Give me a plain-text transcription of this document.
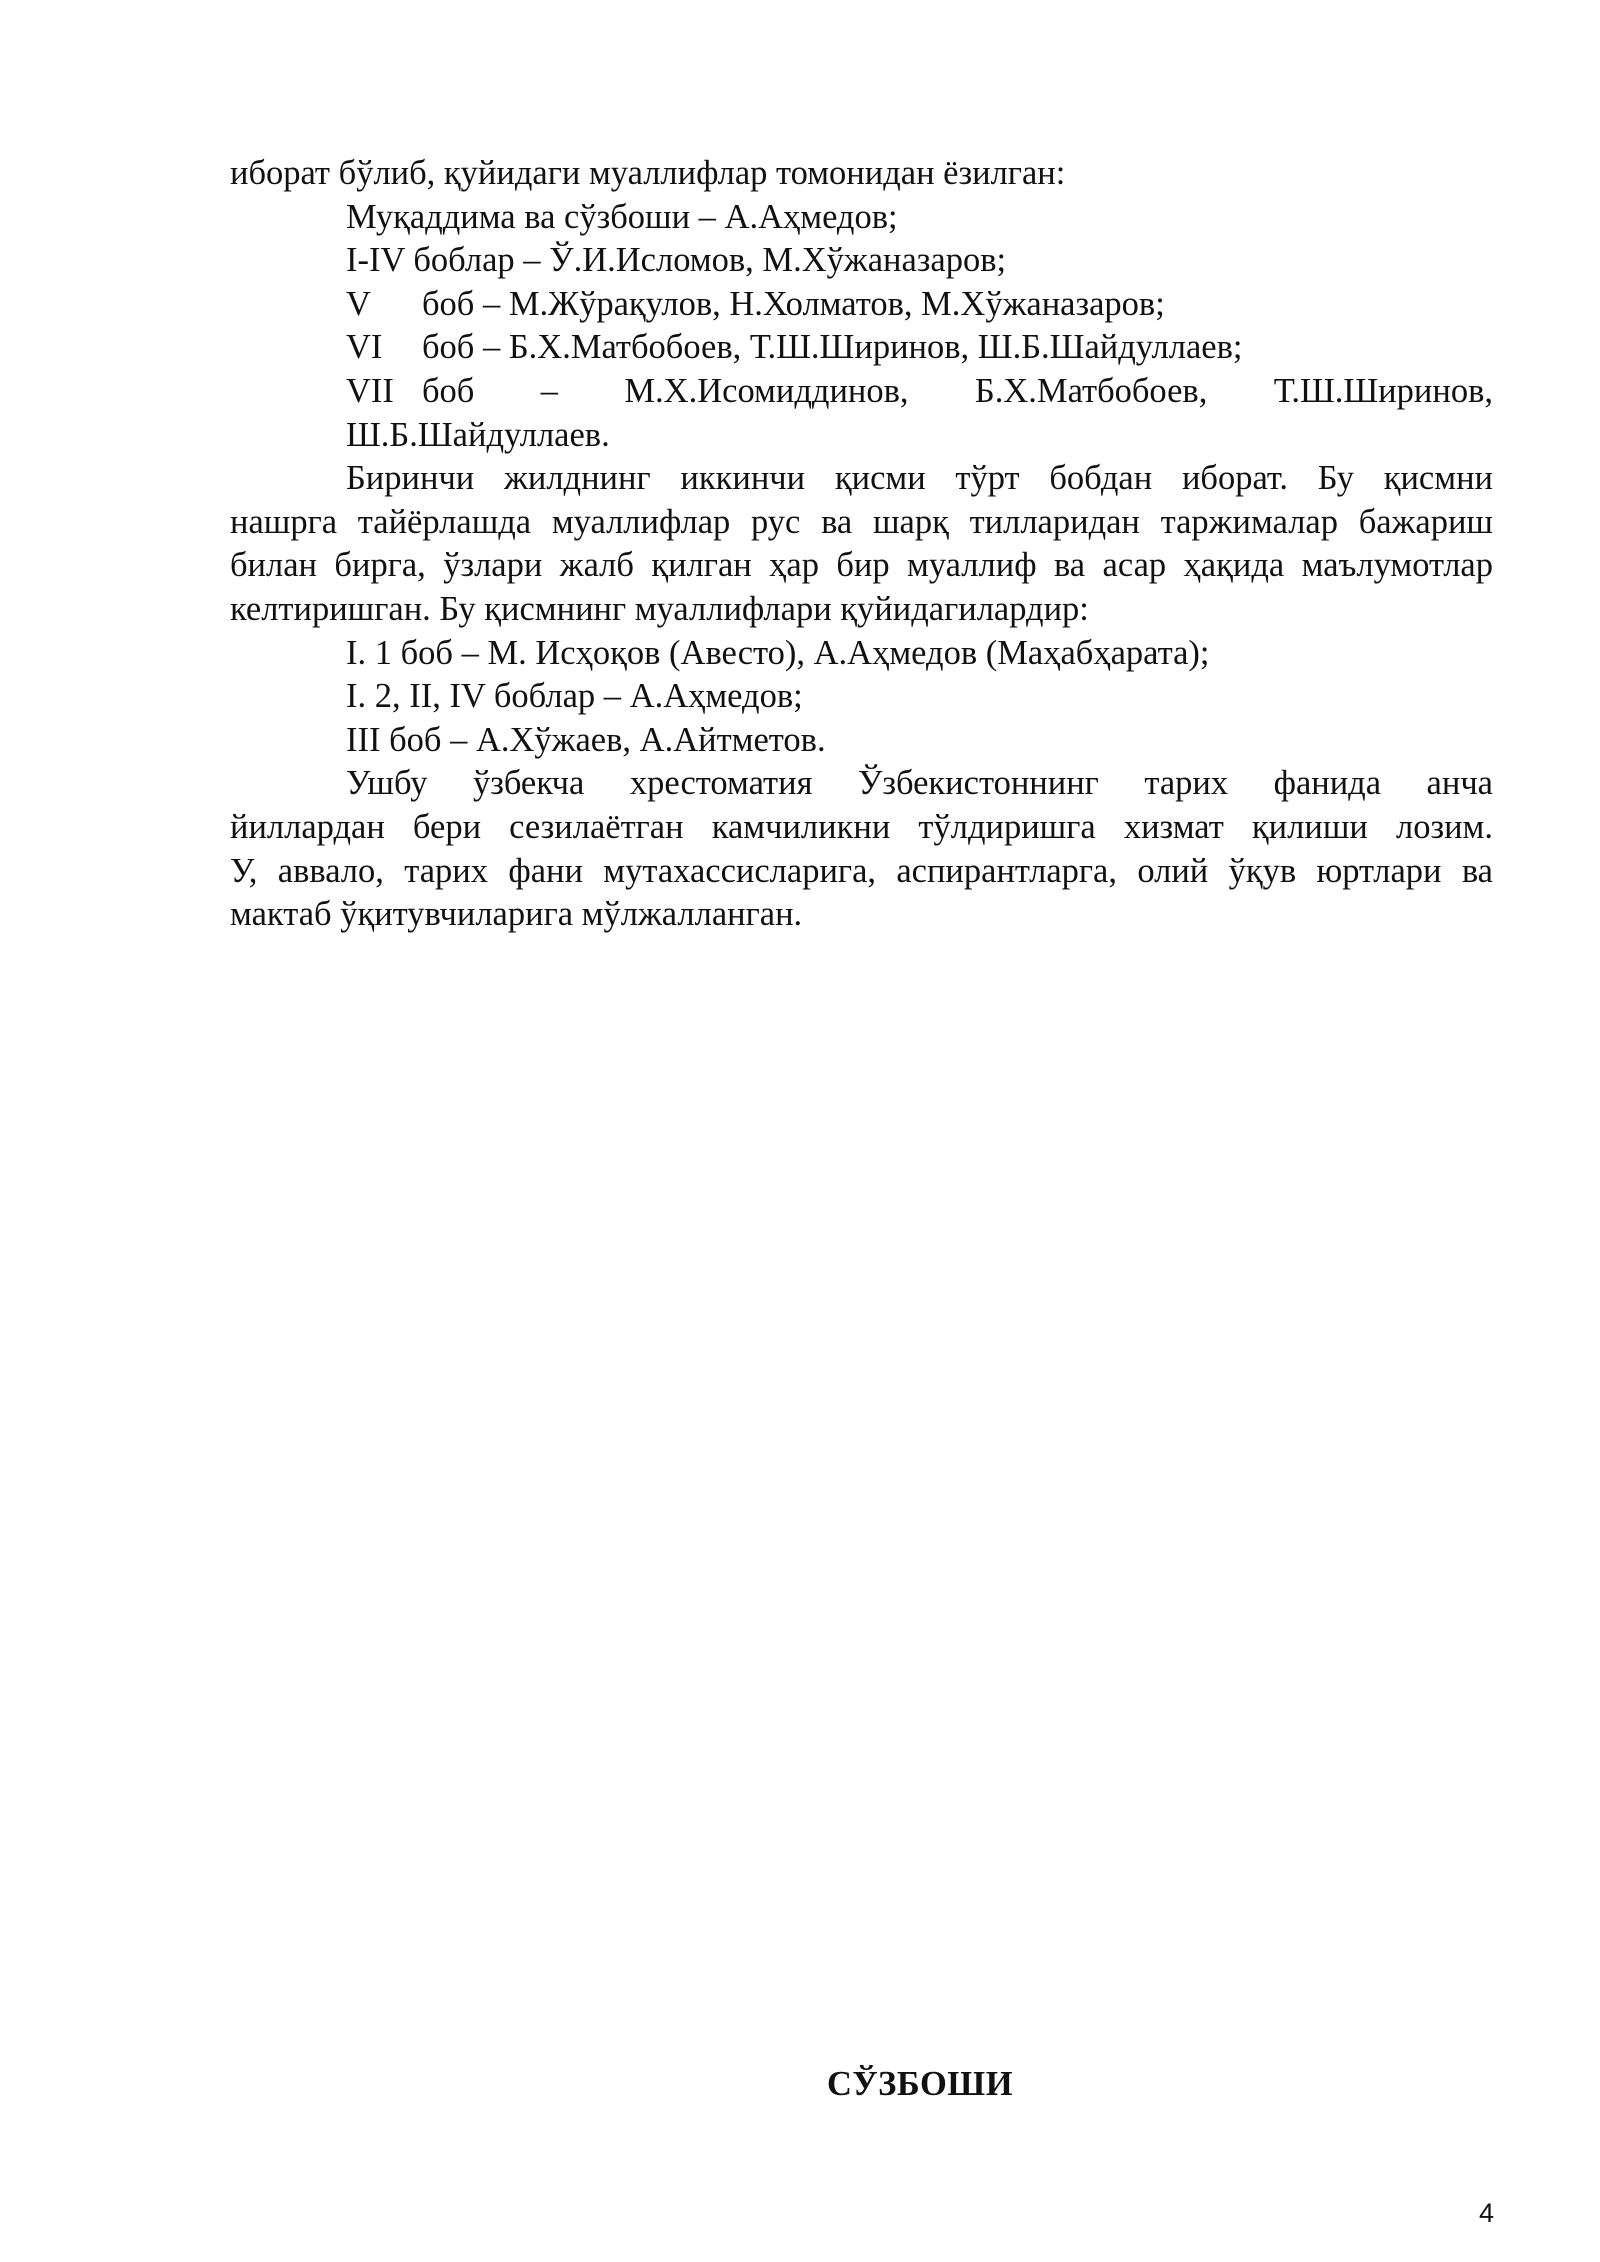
иборат бўлиб, қуйидаги муаллифлар томонидан ёзилган:
Муқаддима ва сўзбоши – А.Аҳмедов;
I-IV боблар – Ў.И.Исломов, М.Хўжаназаров;
V боб – М.Жўрақулов, Н.Холматов, М.Хўжаназаров;
VI боб – Б.Х.Матбобоев, Т.Ш.Ширинов, Ш.Б.Шайдуллаев;
VII боб – М.Х.Исомиддинов, Б.Х.Матбобоев, Т.Ш.Ширинов,
Ш.Б.Шайдуллаев.
Биринчи жилднинг иккинчи қисми тўрт бобдан иборат. Бу қисмни
нашрга тайёрлашда муаллифлар рус ва шарқ тилларидан таржималар бажариш
билан бирга, ўзлари жалб қилган ҳар бир муаллиф ва асар ҳақида маълумотлар
келтиришган. Бу қисмнинг муаллифлари қуйидагилардир:
I. 1 боб – М. Исҳоқов (Авесто), А.Аҳмедов (Маҳабҳарата);
I. 2, II, IV боблар – А.Аҳмедов;
III боб – А.Хўжаев, А.Айтметов.
Ушбу ўзбекча хрестоматия Ўзбекистоннинг тарих фанида анча
йиллардан бери сезилаётган камчиликни тўлдиришга хизмат қилиши лозим.
У, аввало, тарих фани мутахассисларига, аспирантларга, олий ўқув юртлари ва
мактаб ўқитувчиларига мўлжалланган.
СЎЗБОШИ
4
